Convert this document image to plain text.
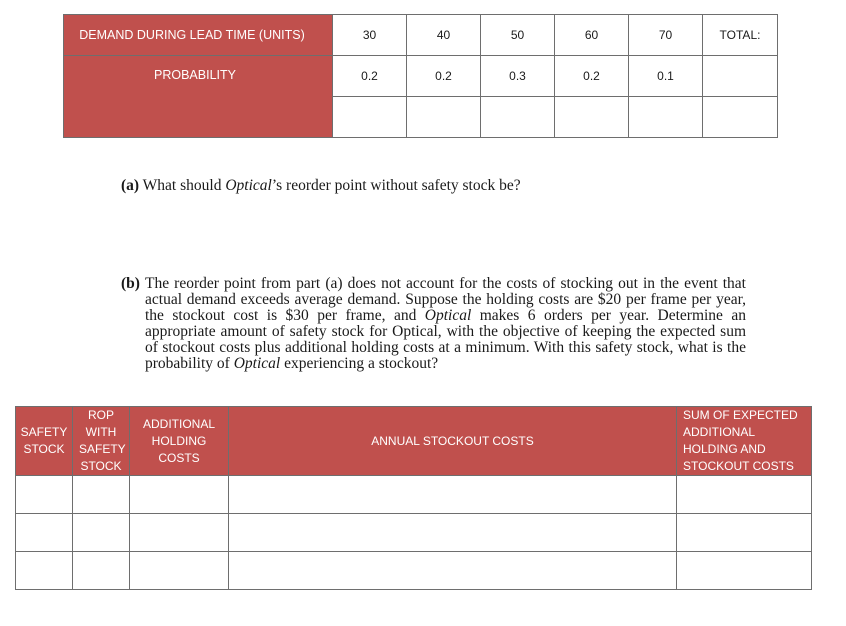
DEMAND DURING LEAD TIME (UNITS)	30	40	50	60	70	TOTAL:
PROBABILITY	0.2	0.2	0.3	0.2	0.1	

(a) What should Optical’s reorder point without safety stock be?
(b) The reorder point from part (a) does not account for the costs of stocking out in the event that actual demand exceeds average demand. Suppose the holding costs are $20 per frame per year, the stockout cost is $30 per frame, and Optical makes 6 orders per year. Determine an appropriate amount of safety stock for Optical, with the objective of keeping the expected sum of stockout costs plus additional holding costs at a minimum. With this safety stock, what is the probability of Optical experiencing a stockout?
SAFETY STOCK	ROP WITH SAFETY STOCK	ADDITIONAL HOLDING COSTS	ANNUAL STOCKOUT COSTS	SUM OF EXPECTED ADDITIONAL HOLDING AND STOCKOUT COSTS
